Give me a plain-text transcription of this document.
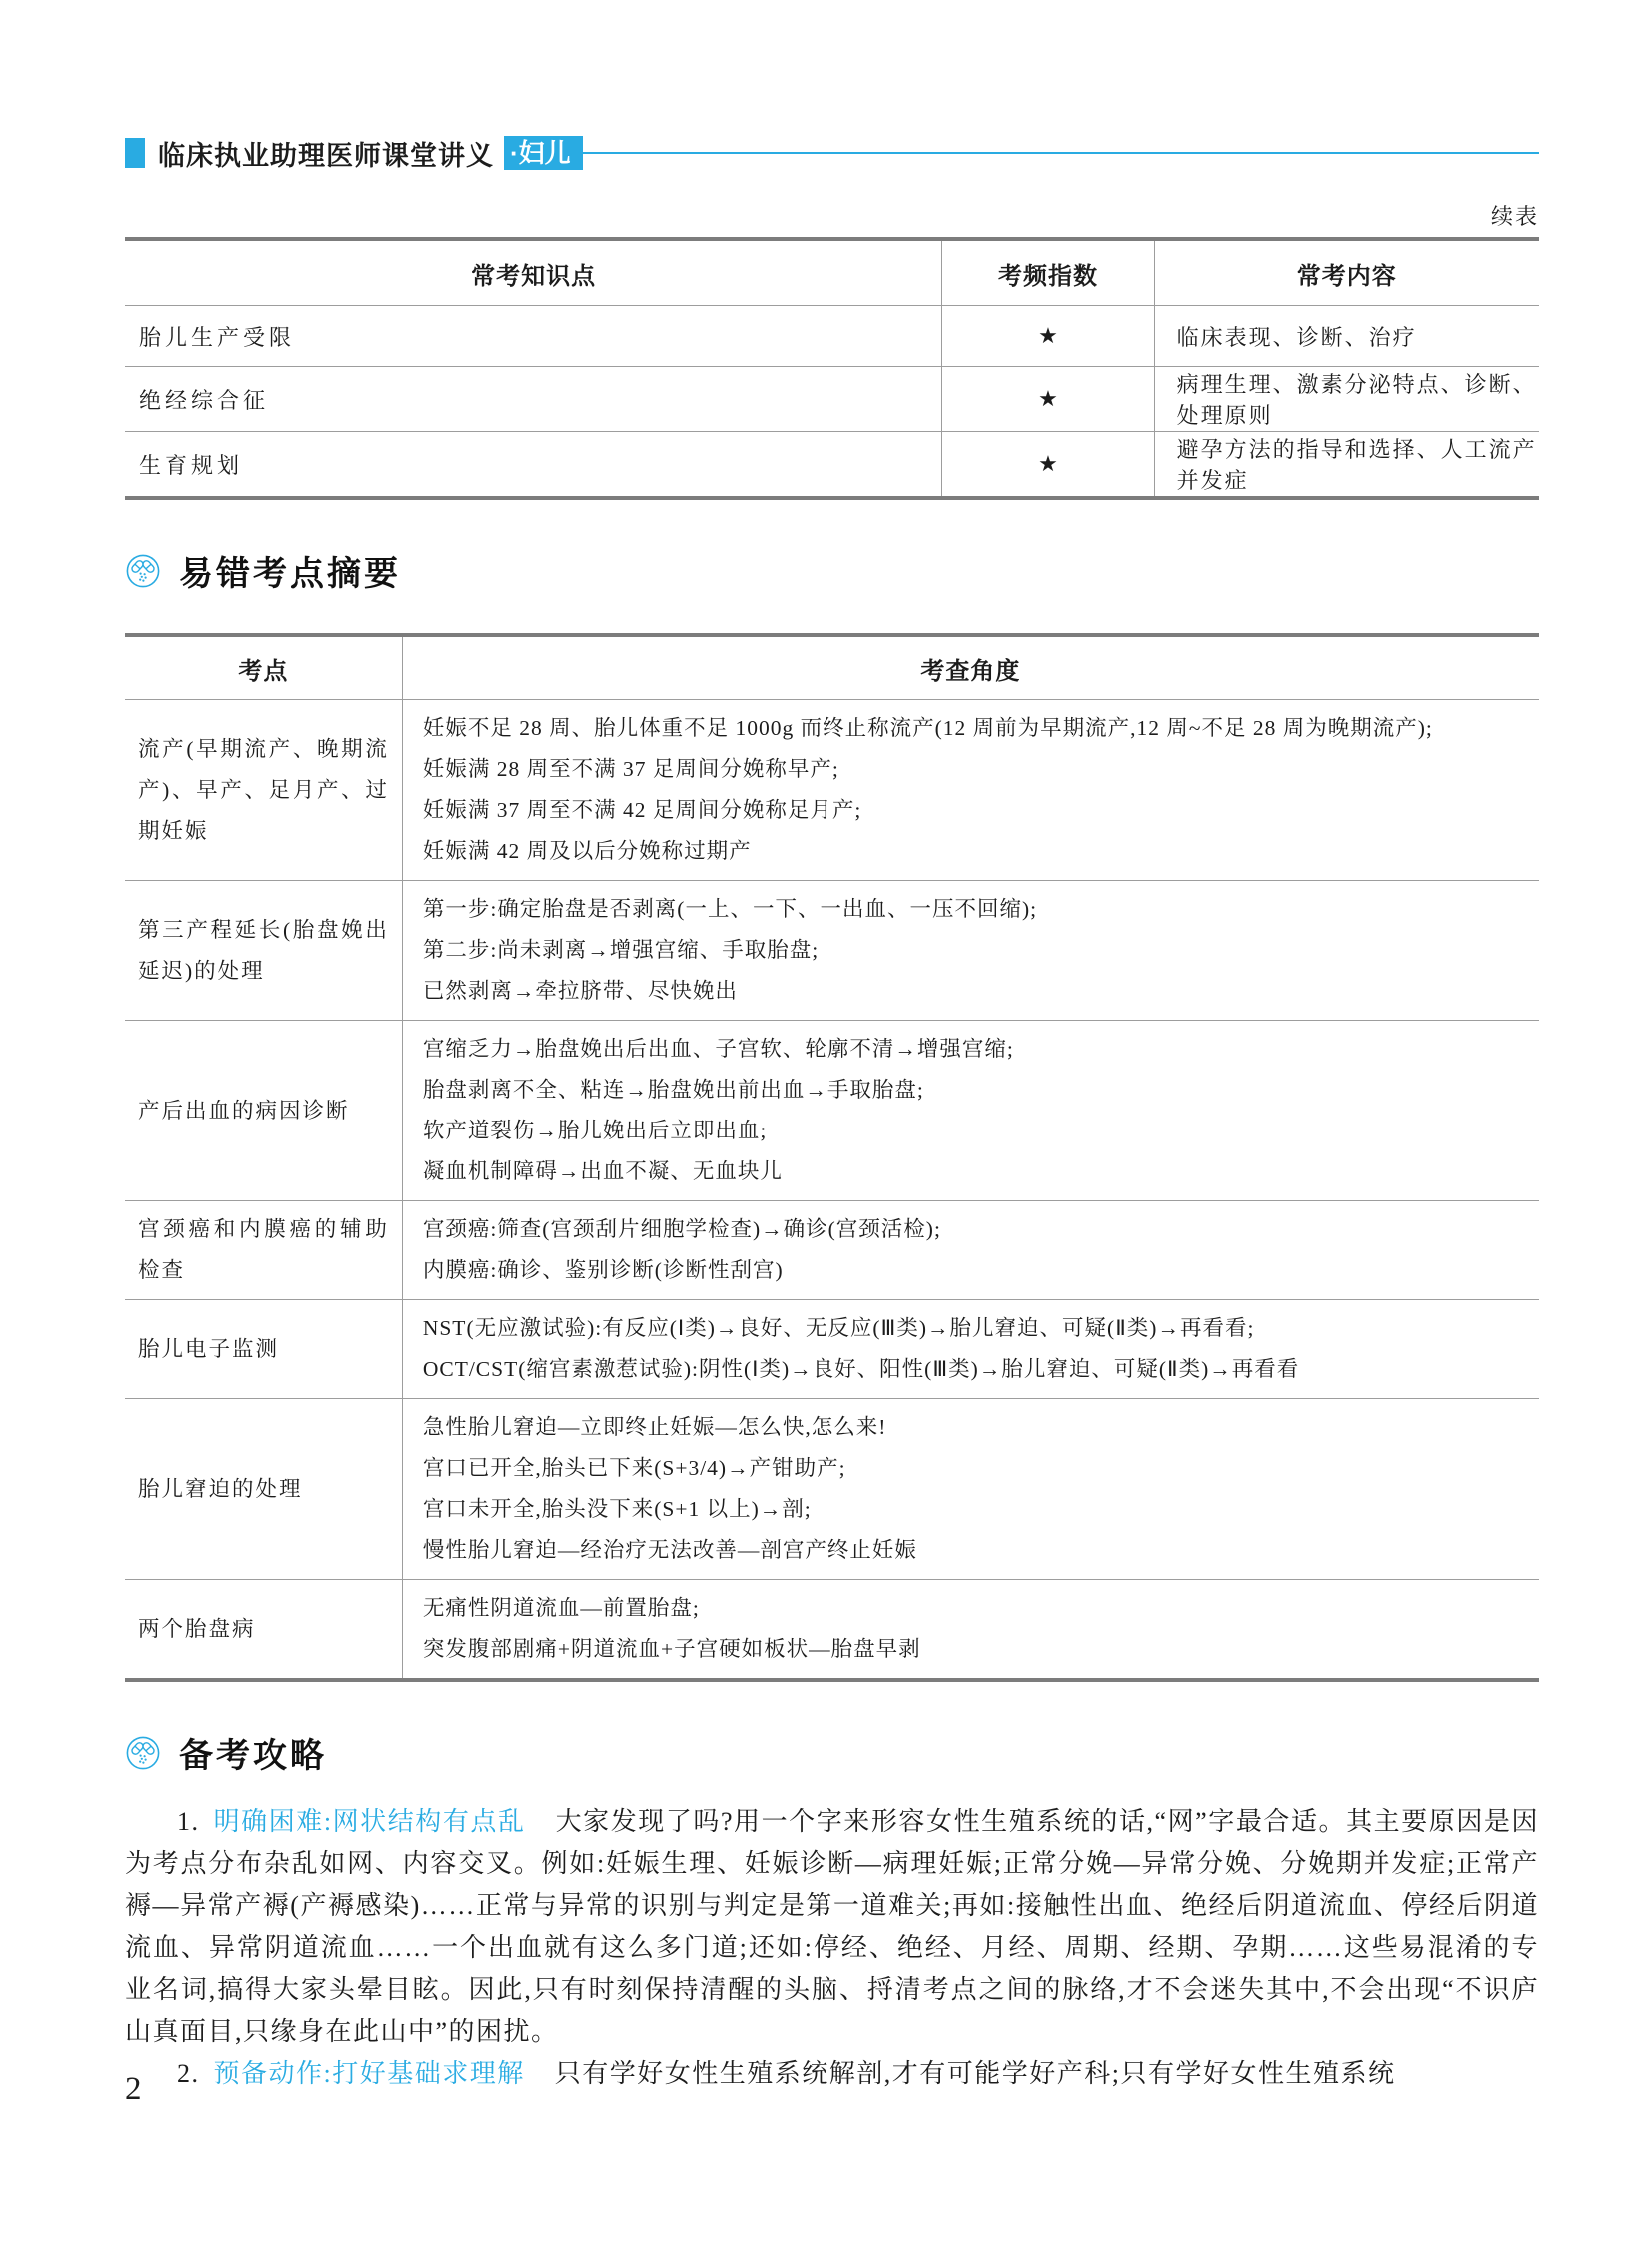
临床执业助理医师课堂讲义 ·妇儿
续表
常考知识点	考频指数	常考内容
胎儿生产受限	★	临床表现、诊断、治疗
绝经综合征	★	病理生理、激素分泌特点、诊断、处理原则
生育规划	★	避孕方法的指导和选择、人工流产并发症
易错考点摘要
考点	考查角度
流产(早期流产、晚期流产)、早产、足月产、过期妊娠	妊娠不足 28 周、胎儿体重不足 1000g 而终止称流产(12 周前为早期流产,12 周~不足 28 周为晚期流产);
妊娠满 28 周至不满 37 足周间分娩称早产;
妊娠满 37 周至不满 42 足周间分娩称足月产;
妊娠满 42 周及以后分娩称过期产

第三产程延长(胎盘娩出延迟)的处理	第一步:确定胎盘是否剥离(一上、一下、一出血、一压不回缩);
第二步:尚未剥离→增强宫缩、手取胎盘;
已然剥离→牵拉脐带、尽快娩出

产后出血的病因诊断	宫缩乏力→胎盘娩出后出血、子宫软、轮廓不清→增强宫缩;
胎盘剥离不全、粘连→胎盘娩出前出血→手取胎盘;
软产道裂伤→胎儿娩出后立即出血;
凝血机制障碍→出血不凝、无血块儿

宫颈癌和内膜癌的辅助检查	宫颈癌:筛查(宫颈刮片细胞学检查)→确诊(宫颈活检);
内膜癌:确诊、鉴别诊断(诊断性刮宫)

胎儿电子监测	NST(无应激试验):有反应(Ⅰ类)→良好、无反应(Ⅲ类)→胎儿窘迫、可疑(Ⅱ类)→再看看;
OCT/CST(缩宫素激惹试验):阴性(Ⅰ类)→良好、阳性(Ⅲ类)→胎儿窘迫、可疑(Ⅱ类)→再看看

胎儿窘迫的处理	急性胎儿窘迫—立即终止妊娠—怎么快,怎么来!
宫口已开全,胎头已下来(S+3/4)→产钳助产;
宫口未开全,胎头没下来(S+1 以上)→剖;
慢性胎儿窘迫—经治疗无法改善—剖宫产终止妊娠

两个胎盘病	无痛性阴道流血—前置胎盘;
突发腹部剧痛+阴道流血+子宫硬如板状—胎盘早剥
备考攻略

1. 明确困难:网状结构有点乱 大家发现了吗?用一个字来形容女性生殖系统的话,“网”字最合适。其主要原因是因为考点分布杂乱如网、内容交叉。例如:妊娠生理、妊娠诊断—病理妊娠;正常分娩—异常分娩、分娩期并发症;正常产褥—异常产褥(产褥感染)……正常与异常的识别与判定是第一道难关;再如:接触性出血、绝经后阴道流血、停经后阴道流血、异常阴道流血……一个出血就有这么多门道;还如:停经、绝经、月经、周期、经期、孕期……这些易混淆的专业名词,搞得大家头晕目眩。因此,只有时刻保持清醒的头脑、捋清考点之间的脉络,才不会迷失其中,不会出现“不识庐山真面目,只缘身在此山中”的困扰。

2. 预备动作:打好基础求理解 只有学好女性生殖系统解剖,才有可能学好产科;只有学好女性生殖系统

2
